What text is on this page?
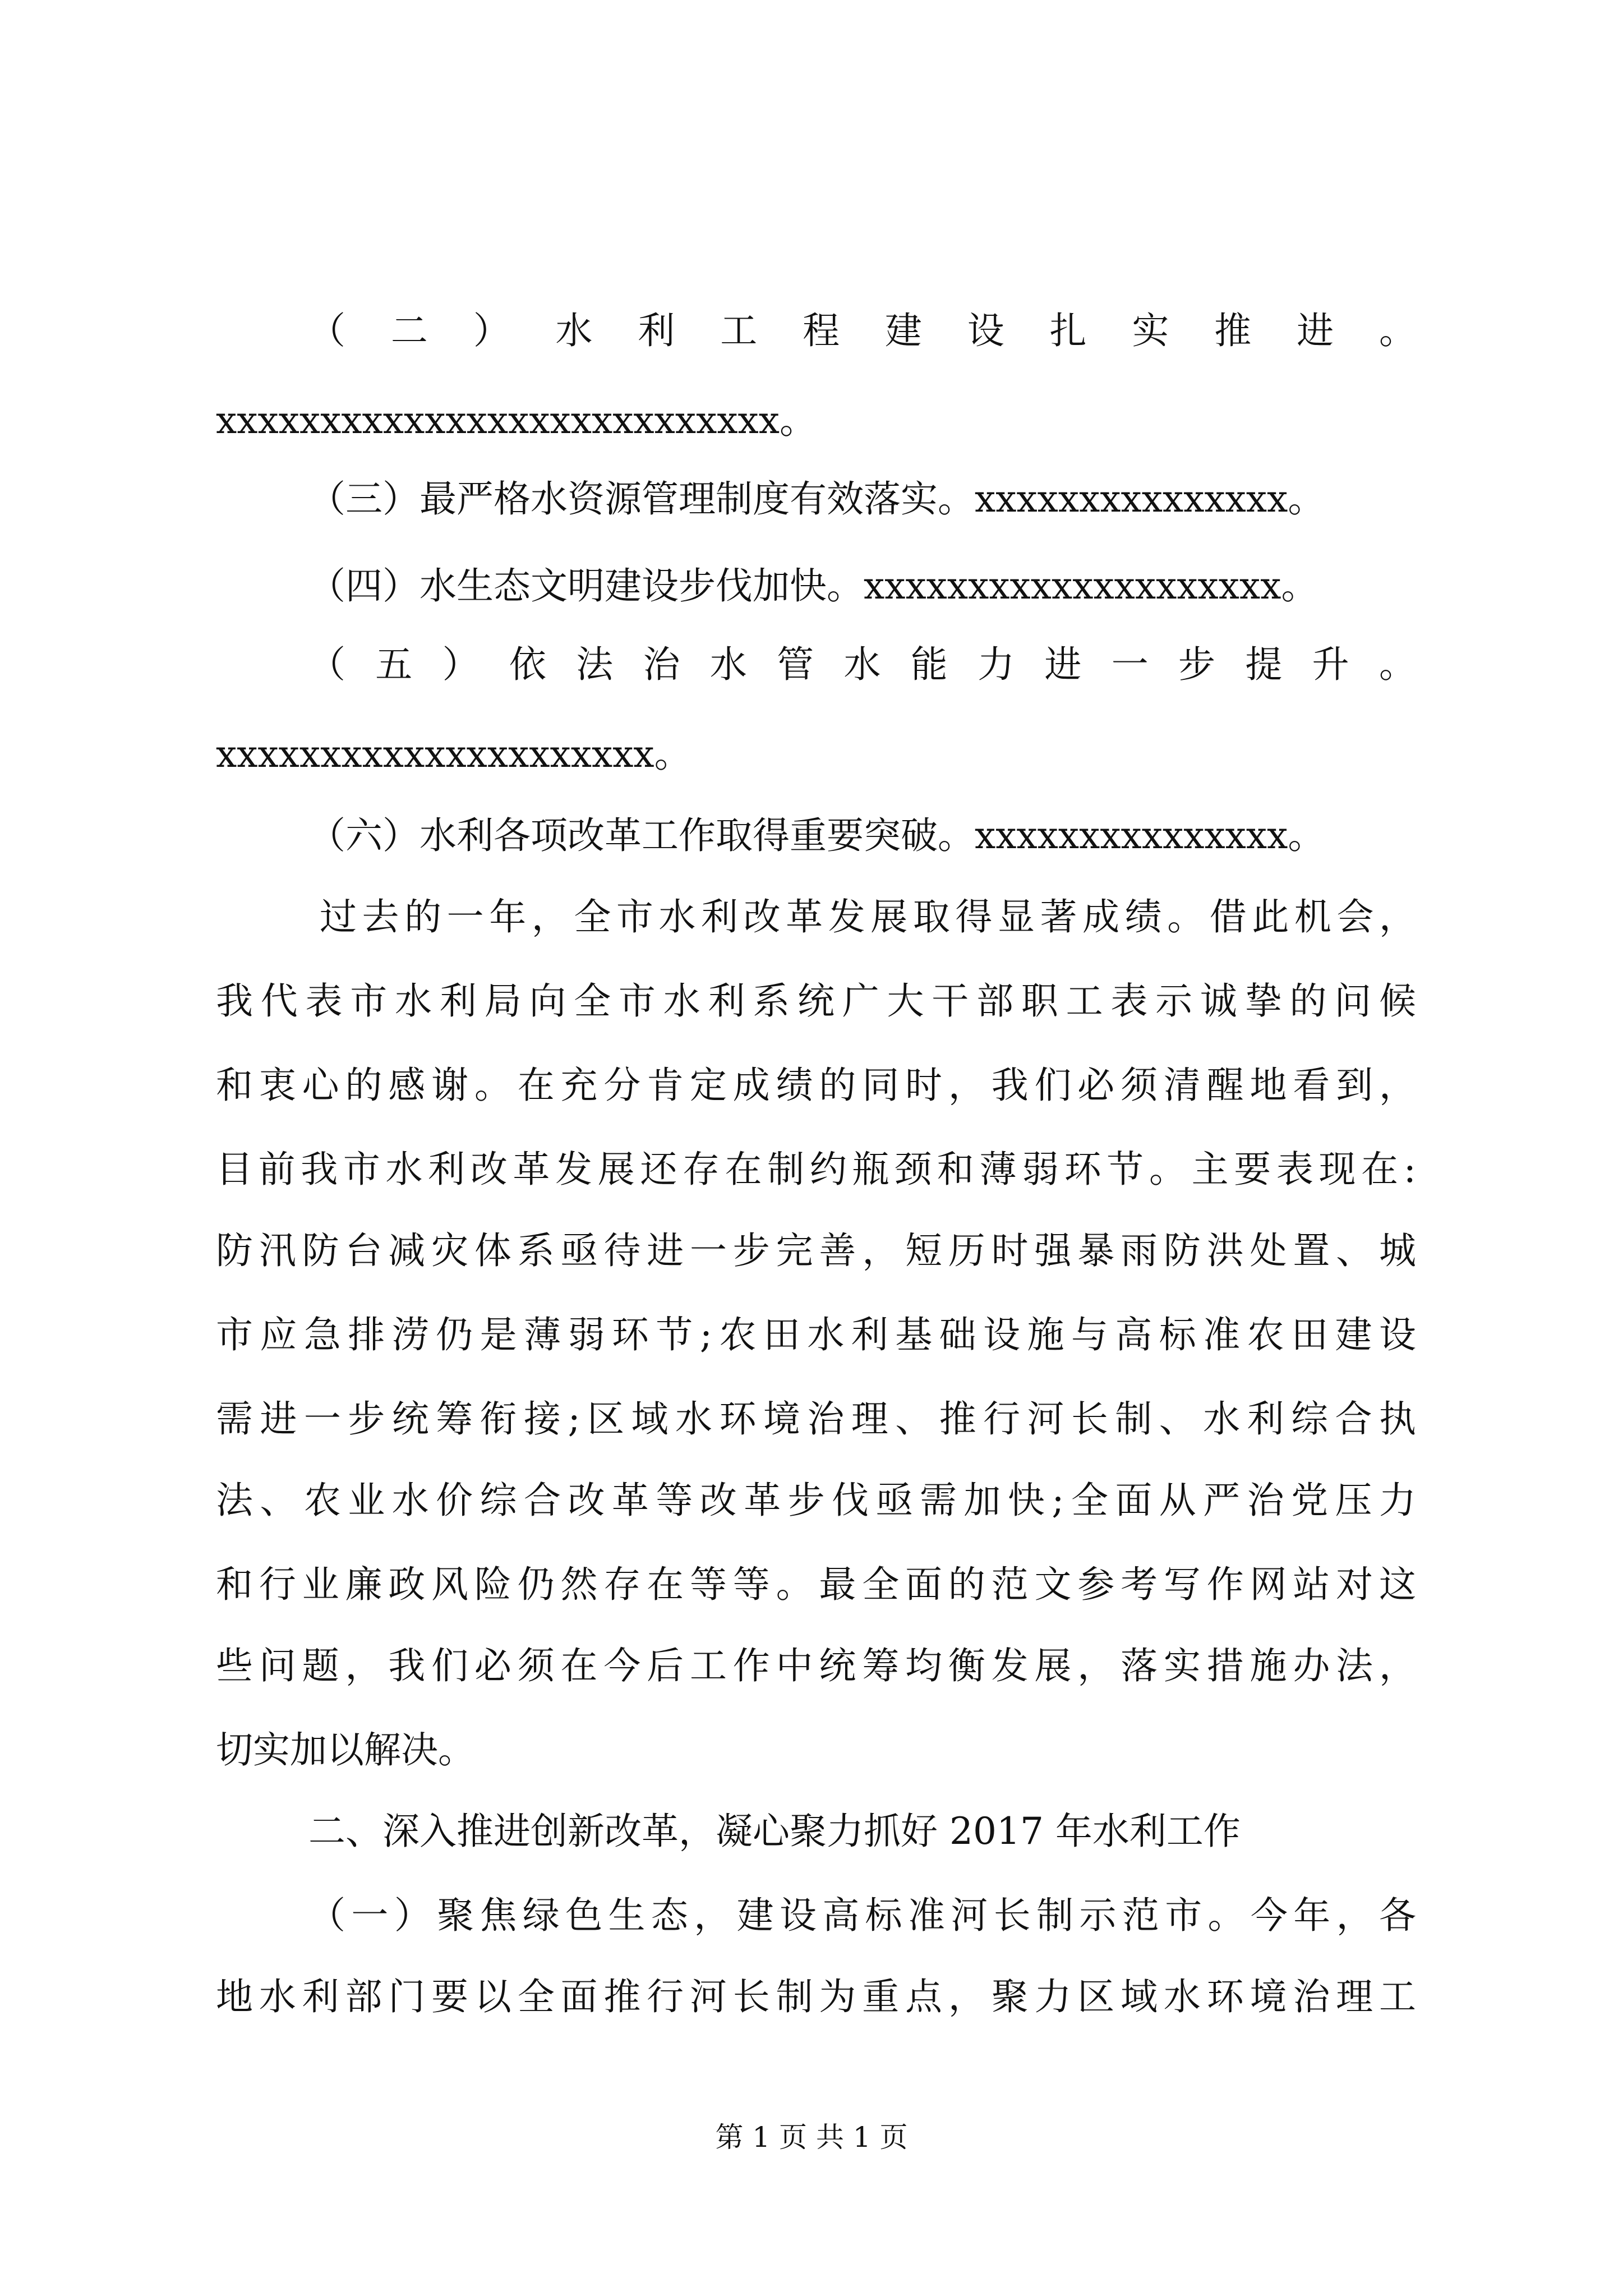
（二）水利工程建设扎实推进。
xxxxxxxxxxxxxxxxxxxxxxxxxxx。
（三）最严格水资源管理制度有效落实。xxxxxxxxxxxxxxx。
（四）水生态文明建设步伐加快。xxxxxxxxxxxxxxxxxxxx。
（五）依法治水管水能力进一步提升。
xxxxxxxxxxxxxxxxxxxxx。
（六）水利各项改革工作取得重要突破。xxxxxxxxxxxxxxx。
过去的一年，全市水利改革发展取得显著成绩。借此机会，
我代表市水利局向全市水利系统广大干部职工表示诚挚的问候
和衷心的感谢。在充分肯定成绩的同时，我们必须清醒地看到，
目前我市水利改革发展还存在制约瓶颈和薄弱环节。主要表现在:
防汛防台减灾体系亟待进一步完善，短历时强暴雨防洪处置、城
市应急排涝仍是薄弱环节;农田水利基础设施与高标准农田建设
需进一步统筹衔接;区域水环境治理、推行河长制、水利综合执
法、农业水价综合改革等改革步伐亟需加快;全面从严治党压力
和行业廉政风险仍然存在等等。最全面的范文参考写作网站对这
些问题，我们必须在今后工作中统筹均衡发展，落实措施办法，
切实加以解决。
二、深入推进创新改革，凝心聚力抓好 2017 年水利工作
（一）聚焦绿色生态，建设高标准河长制示范市。今年，各
地水利部门要以全面推行河长制为重点，聚力区域水环境治理工
第 1 页 共 1 页
